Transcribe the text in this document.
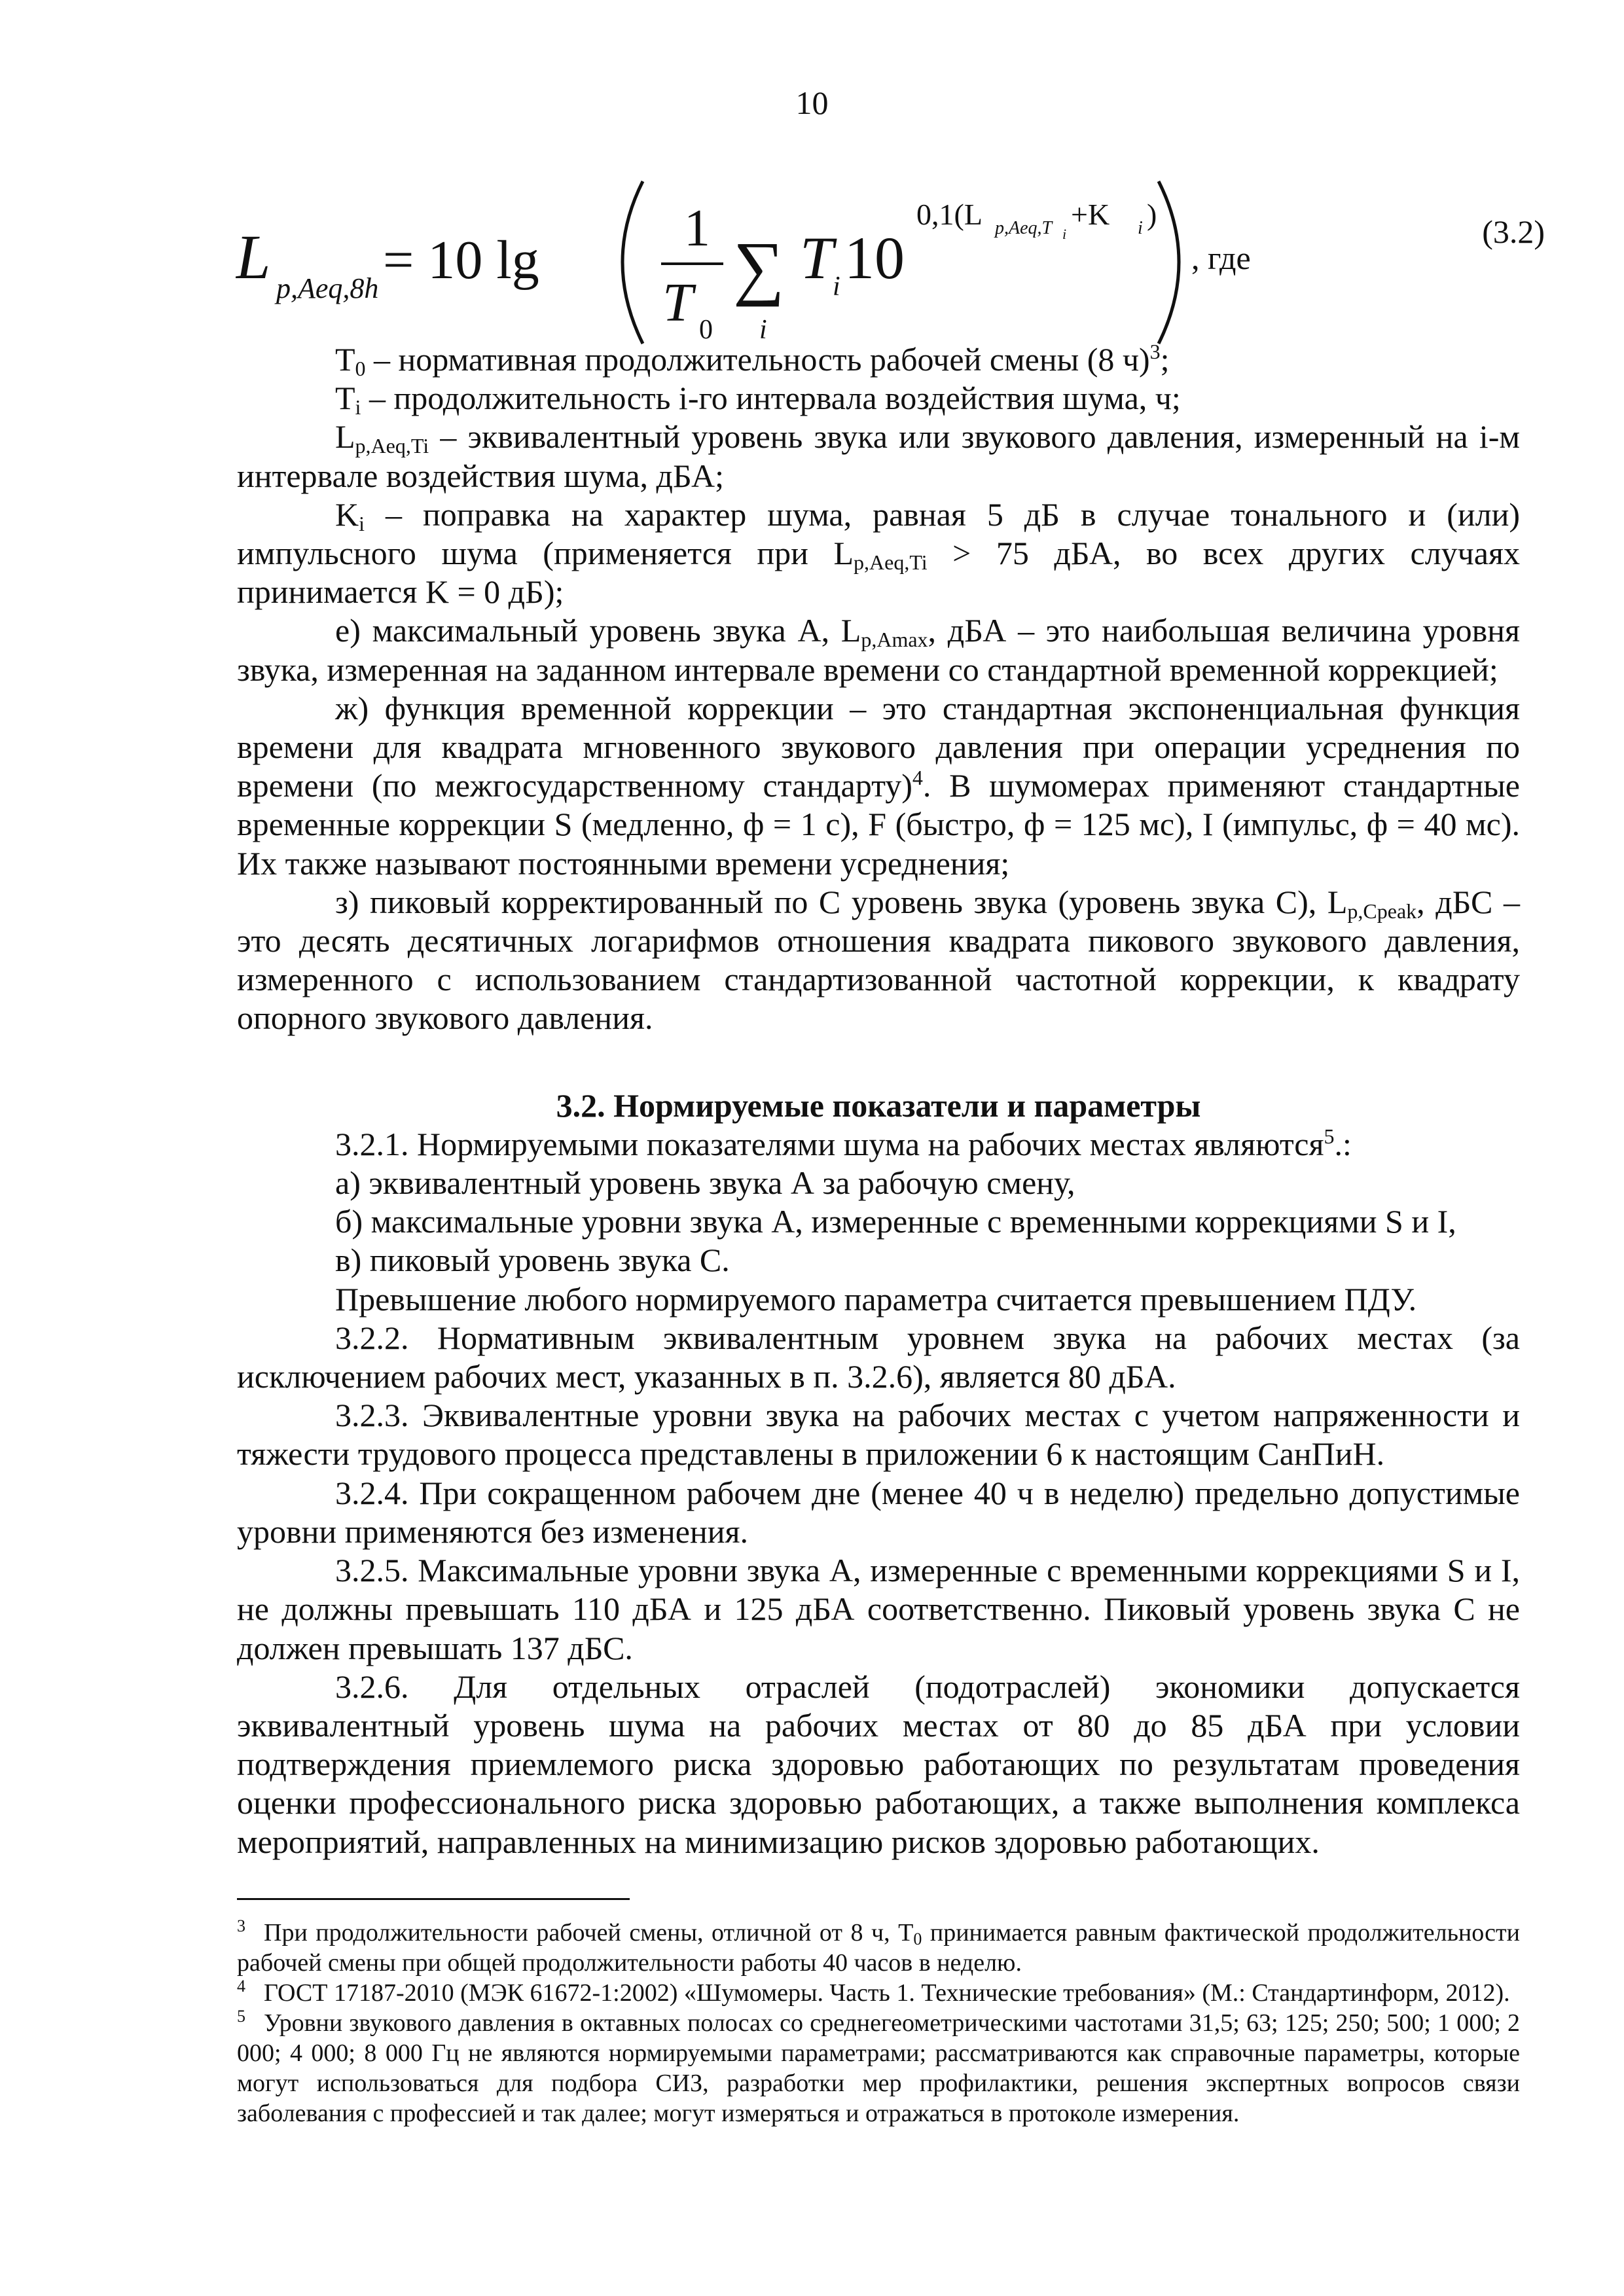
10
L p,Aeq,8h = 10 lg
1
T 0
∑
i
T
i 10
0,1(L p,Aeq,T i
+K i )
, где
(3.2)

$T_0$ – нормативная продолжительность рабочей смены (8 ч)$^3$;

$T_i$ – продолжительность i-го интервала воздействия шума, ч;

$L_{p,Aeq,Ti}$ – эквивалентный уровень звука или звукового давления, измеренный на i-м интервале воздействия шума, дБА;

$K_i$ – поправка на характер шума, равная 5 дБ в случае тонального и (или) импульсного шума (применяется при $L_{p,Aeq,Ti} > 75$ дБА, во всех других случаях принимается K = 0 дБ);

е) максимальный уровень звука А, $L_{p,Amax}$, дБА – это наибольшая величина уровня звука, измеренная на заданном интервале времени со стандартной временной коррекцией;

ж) функция временной коррекции – это стандартная экспоненциальная функция времени для квадрата мгновенного звукового давления при операции усреднения по времени (по межгосударственному стандарту)$^4$. В шумомерах применяют стандартные временные коррекции S (медленно, ф = 1 с), F (быстро, ф = 125 мс), I (импульс, ф = 40 мс). Их также называют постоянными времени усреднения;

з) пиковый корректированный по С уровень звука (уровень звука С), $L_{p,Cpeak}$, дБС – это десять десятичных логарифмов отношения квадрата пикового звукового давления, измеренного с использованием стандартизованной частотной коррекции, к квадрату опорного звукового давления.

3.2. Нормируемые показатели и параметры

3.2.1. Нормируемыми показателями шума на рабочих местах являются$^5$.:

а) эквивалентный уровень звука А за рабочую смену,

б) максимальные уровни звука А, измеренные с временными коррекциями S и I,

в) пиковый уровень звука С.

Превышение любого нормируемого параметра считается превышением ПДУ.

3.2.2. Нормативным эквивалентным уровнем звука на рабочих местах (за исключением рабочих мест, указанных в п. 3.2.6), является 80 дБА.

3.2.3. Эквивалентные уровни звука на рабочих местах с учетом напряженности и тяжести трудового процесса представлены в приложении 6 к настоящим СанПиН.

3.2.4. При сокращенном рабочем дне (менее 40 ч в неделю) предельно допустимые уровни применяются без изменения.

3.2.5. Максимальные уровни звука А, измеренные с временными коррекциями S и I, не должны превышать 110 дБА и 125 дБА соответственно. Пиковый уровень звука С не должен превышать 137 дБС.

3.2.6. Для отдельных отраслей (подотраслей) экономики допускается эквивалентный уровень шума на рабочих местах от 80 до 85 дБА при условии подтверждения приемлемого риска здоровью работающих по результатам проведения оценки профессионального риска здоровью работающих, а также выполнения комплекса мероприятий, направленных на минимизацию рисков здоровью работающих.

$^3$ При продолжительности рабочей смены, отличной от 8 ч, $T_0$ принимается равным фактической продолжительности рабочей смены при общей продолжительности работы 40 часов в неделю.

$^4$ ГОСТ 17187-2010 (МЭК 61672-1:2002) «Шумомеры. Часть 1. Технические требования» (М.: Стандартинформ, 2012).

$^5$ Уровни звукового давления в октавных полосах со среднегеометрическими частотами 31,5; 63; 125; 250; 500; 1 000; 2 000; 4 000; 8 000 Гц не являются нормируемыми параметрами; рассматриваются как справочные параметры, которые могут использоваться для подбора СИЗ, разработки мер профилактики, решения экспертных вопросов связи заболевания с профессией и так далее; могут измеряться и отражаться в протоколе измерения.
